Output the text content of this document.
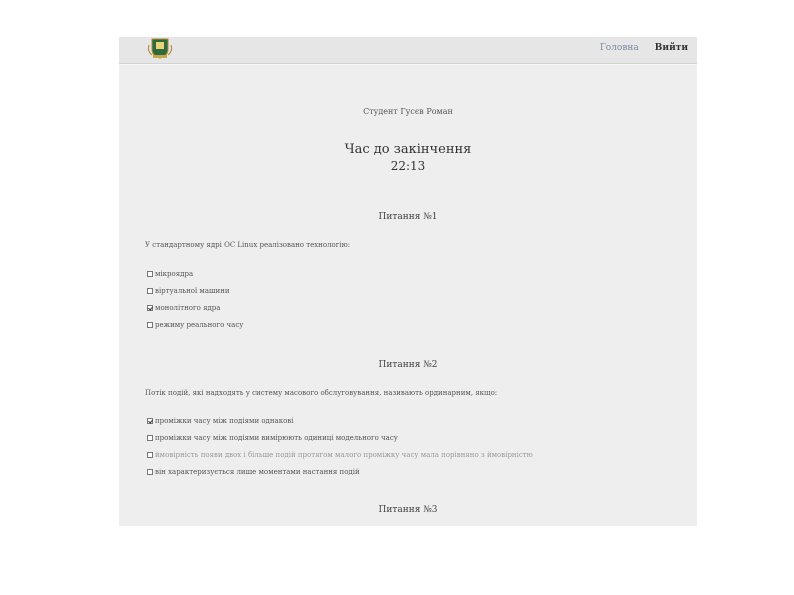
Головна Вийти
Студент Гусєв Роман
Час до закінчення
22:13
Питання №1
У стандартному ядрі ОС Linux реалізовано технологію:
мікроядра
віртуальної машини
монолітного ядра
режиму реального часу
Питання №2
Потік подій, які надходять у систему масового обслуговування, називають ординарним, якщо:
проміжки часу між подіями однакові
проміжки часу між подіями вимірюють одиниці модельного часу
ймовірність появи двох і більше подій протягом малого проміжку часу мала порівняно з ймовірністю
він характеризується лише моментами настання подій
Питання №3
